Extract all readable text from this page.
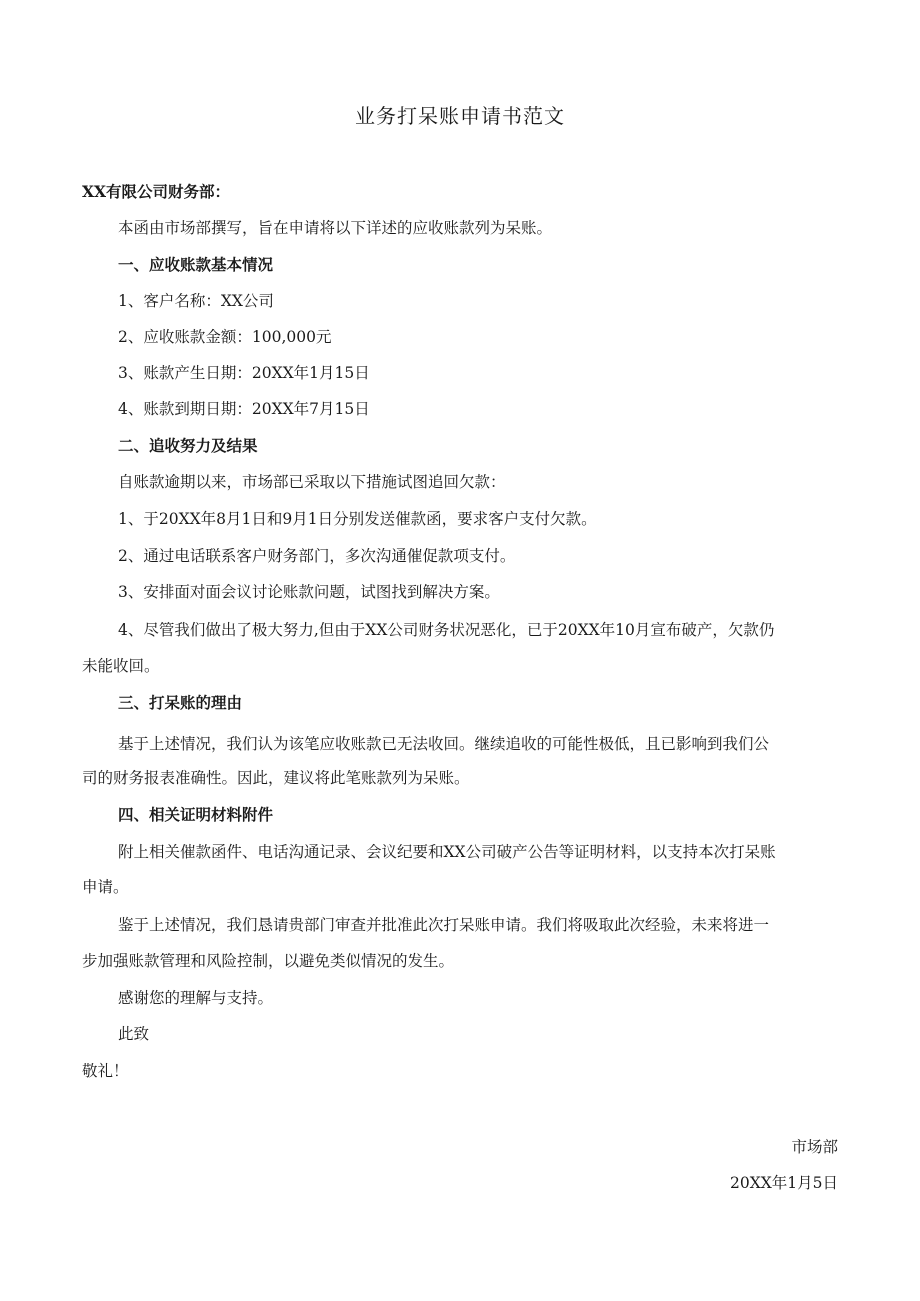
业务打呆账申请书范文
XX有限公司财务部：
本函由市场部撰写，旨在申请将以下详述的应收账款列为呆账。
一、应收账款基本情况
1、客户名称：XX公司
2、应收账款金额：100,000元
3、账款产生日期：20XX年1月15日
4、账款到期日期：20XX年7月15日
二、追收努力及结果
自账款逾期以来，市场部已采取以下措施试图追回欠款：
1、于20XX年8月1日和9月1日分别发送催款函，要求客户支付欠款。
2、通过电话联系客户财务部门，多次沟通催促款项支付。
3、安排面对面会议讨论账款问题，试图找到解决方案。
4、尽管我们做出了极大努力,但由于XX公司财务状况恶化，已于20XX年10月宣布破产，欠款仍
未能收回。
三、打呆账的理由
基于上述情况，我们认为该笔应收账款已无法收回。继续追收的可能性极低，且已影响到我们公
司的财务报表准确性。因此，建议将此笔账款列为呆账。
四、相关证明材料附件
附上相关催款函件、电话沟通记录、会议纪要和XX公司破产公告等证明材料，以支持本次打呆账
申请。
鉴于上述情况，我们恳请贵部门审查并批准此次打呆账申请。我们将吸取此次经验，未来将进一
步加强账款管理和风险控制，以避免类似情况的发生。
感谢您的理解与支持。
此致
敬礼！
市场部
20XX年1月5日
